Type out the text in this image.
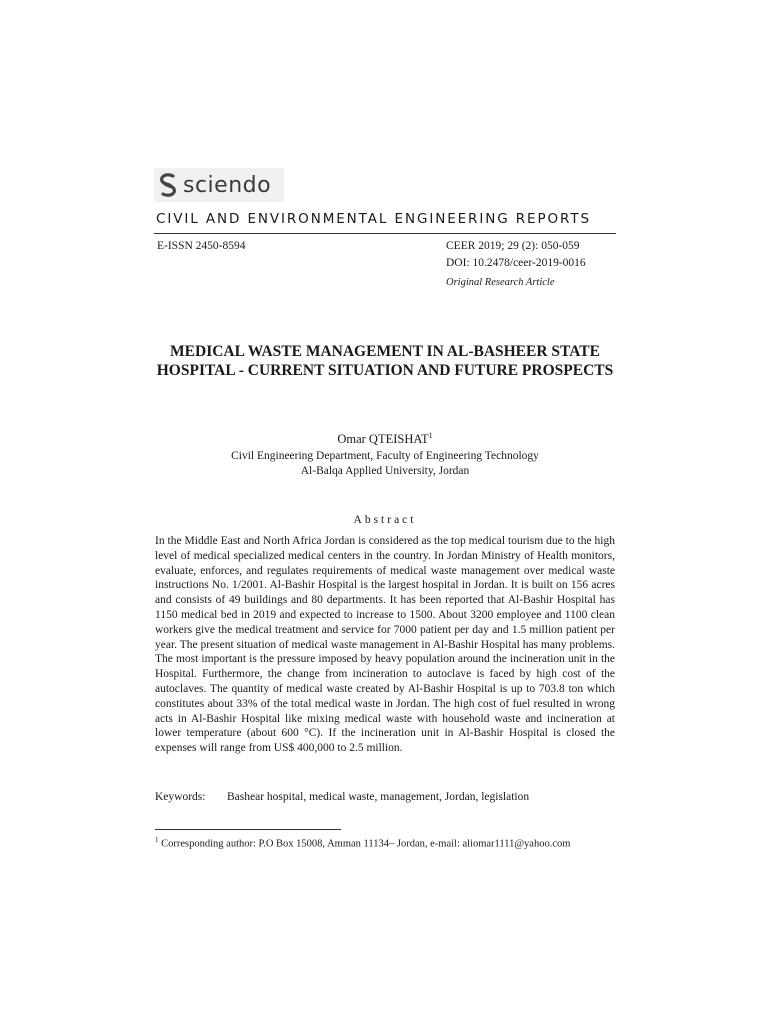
sciendo
CIVIL AND ENVIRONMENTAL ENGINEERING REPORTS
E-ISSN 2450-8594	CEER 2019; 29 (2): 050-059
DOI: 10.2478/ceer-2019-0016
Original Research Article
MEDICAL WASTE MANAGEMENT IN AL-BASHEER STATE HOSPITAL - CURRENT SITUATION AND FUTURE PROSPECTS
Omar QTEISHAT$^1$
Civil Engineering Department, Faculty of Engineering Technology
Al-Balqa Applied University, Jordan
Abstract

In the Middle East and North Africa Jordan is considered as the top medical tourism due to the high level of medical specialized medical centers in the country. In Jordan Ministry of Health monitors, evaluate, enforces, and regulates requirements of medical waste management over medical waste instructions No. 1/2001. Al-Bashir Hospital is the largest hospital in Jordan. It is built on 156 acres and consists of 49 buildings and 80 departments. It has been reported that Al-Bashir Hospital has 1150 medical bed in 2019 and expected to increase to 1500. About 3200 employee and 1100 clean workers give the medical treatment and service for 7000 patient per day and 1.5 million patient per year. The present situation of medical waste management in Al-Bashir Hospital has many problems. The most important is the pressure imposed by heavy population around the incineration unit in the Hospital. Furthermore, the change from incineration to autoclave is faced by high cost of the autoclaves. The quantity of medical waste created by Al-Bashir Hospital is up to 703.8 ton which constitutes about 33% of the total medical waste in Jordan. The high cost of fuel resulted in wrong acts in Al-Bashir Hospital like mixing medical waste with household waste and incineration at lower temperature (about 600 °C). If the incineration unit in Al-Bashir Hospital is closed the expenses will range from US$ 400,000 to 2.5 million.

Keywords: Bashear hospital, medical waste, management, Jordan, legislation
$^1$ Corresponding author: P.O Box 15008, Amman 11134– Jordan, e-mail: aliomar1111@yahoo.com
